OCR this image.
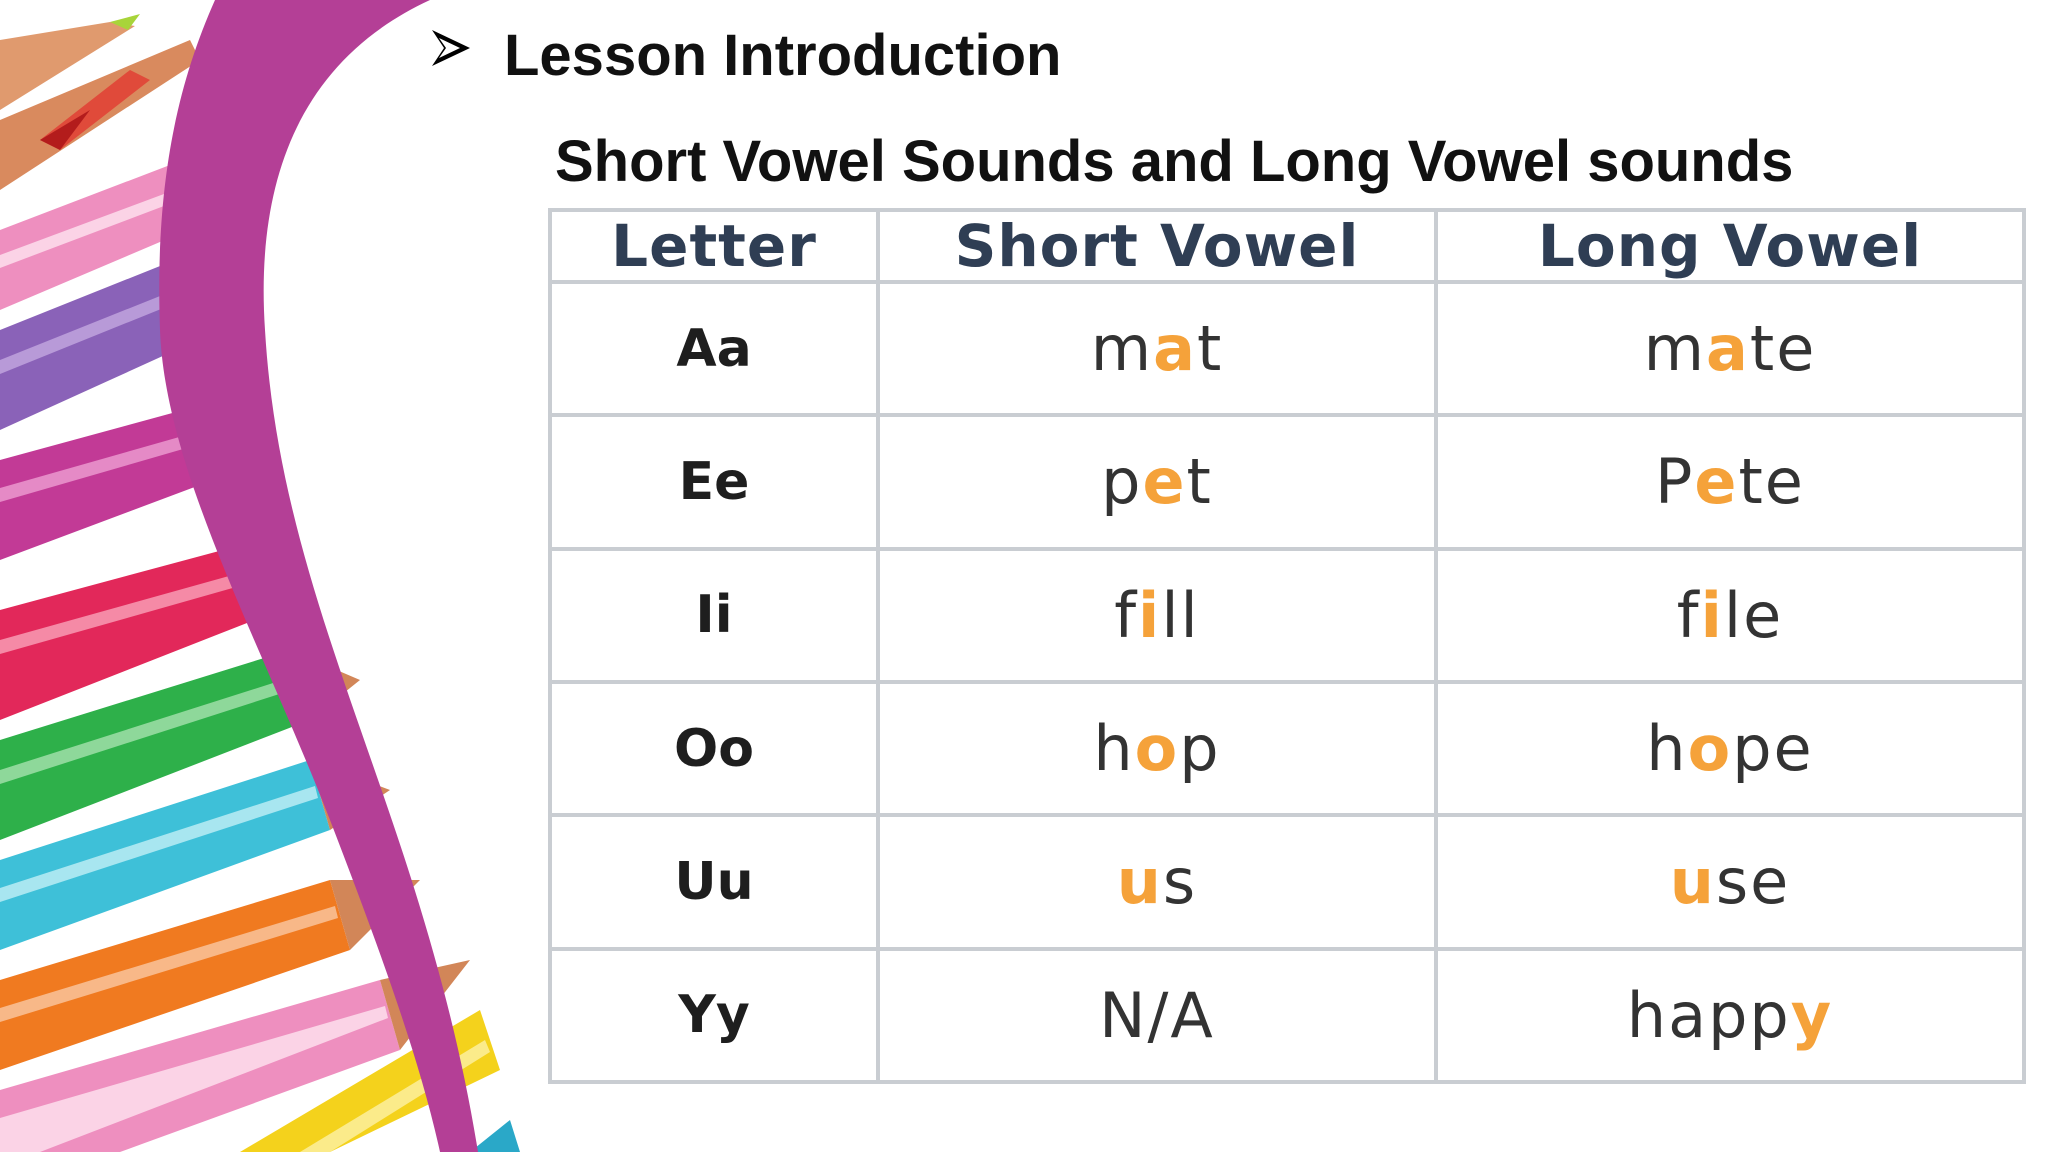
Lesson Introduction
Short Vowel Sounds and Long Vowel sounds
Letter	Short Vowel	Long Vowel
Aa	mat	mate
Ee	pet	Pete
Ii	fill	file
Oo	hop	hope
Uu	us	use
Yy	N/A	happy
